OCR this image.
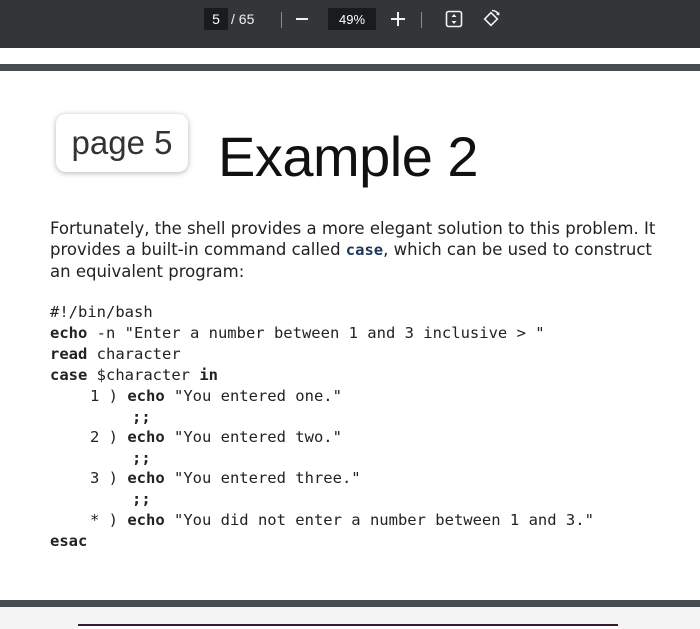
5 / 65	49%
page 5 Example 2
Fortunately, the shell provides a more elegant solution to this problem. It provides a built-in command called case, which can be used to construct an equivalent program:
#!/bin/bash
echo -n "Enter a number between 1 and 3 inclusive > "
read character
case $character in
1 ) echo "You entered one."
;;
2 ) echo "You entered two."
;;
3 ) echo "You entered three."
;;
* ) echo "You did not enter a number between 1 and 3."
esac
